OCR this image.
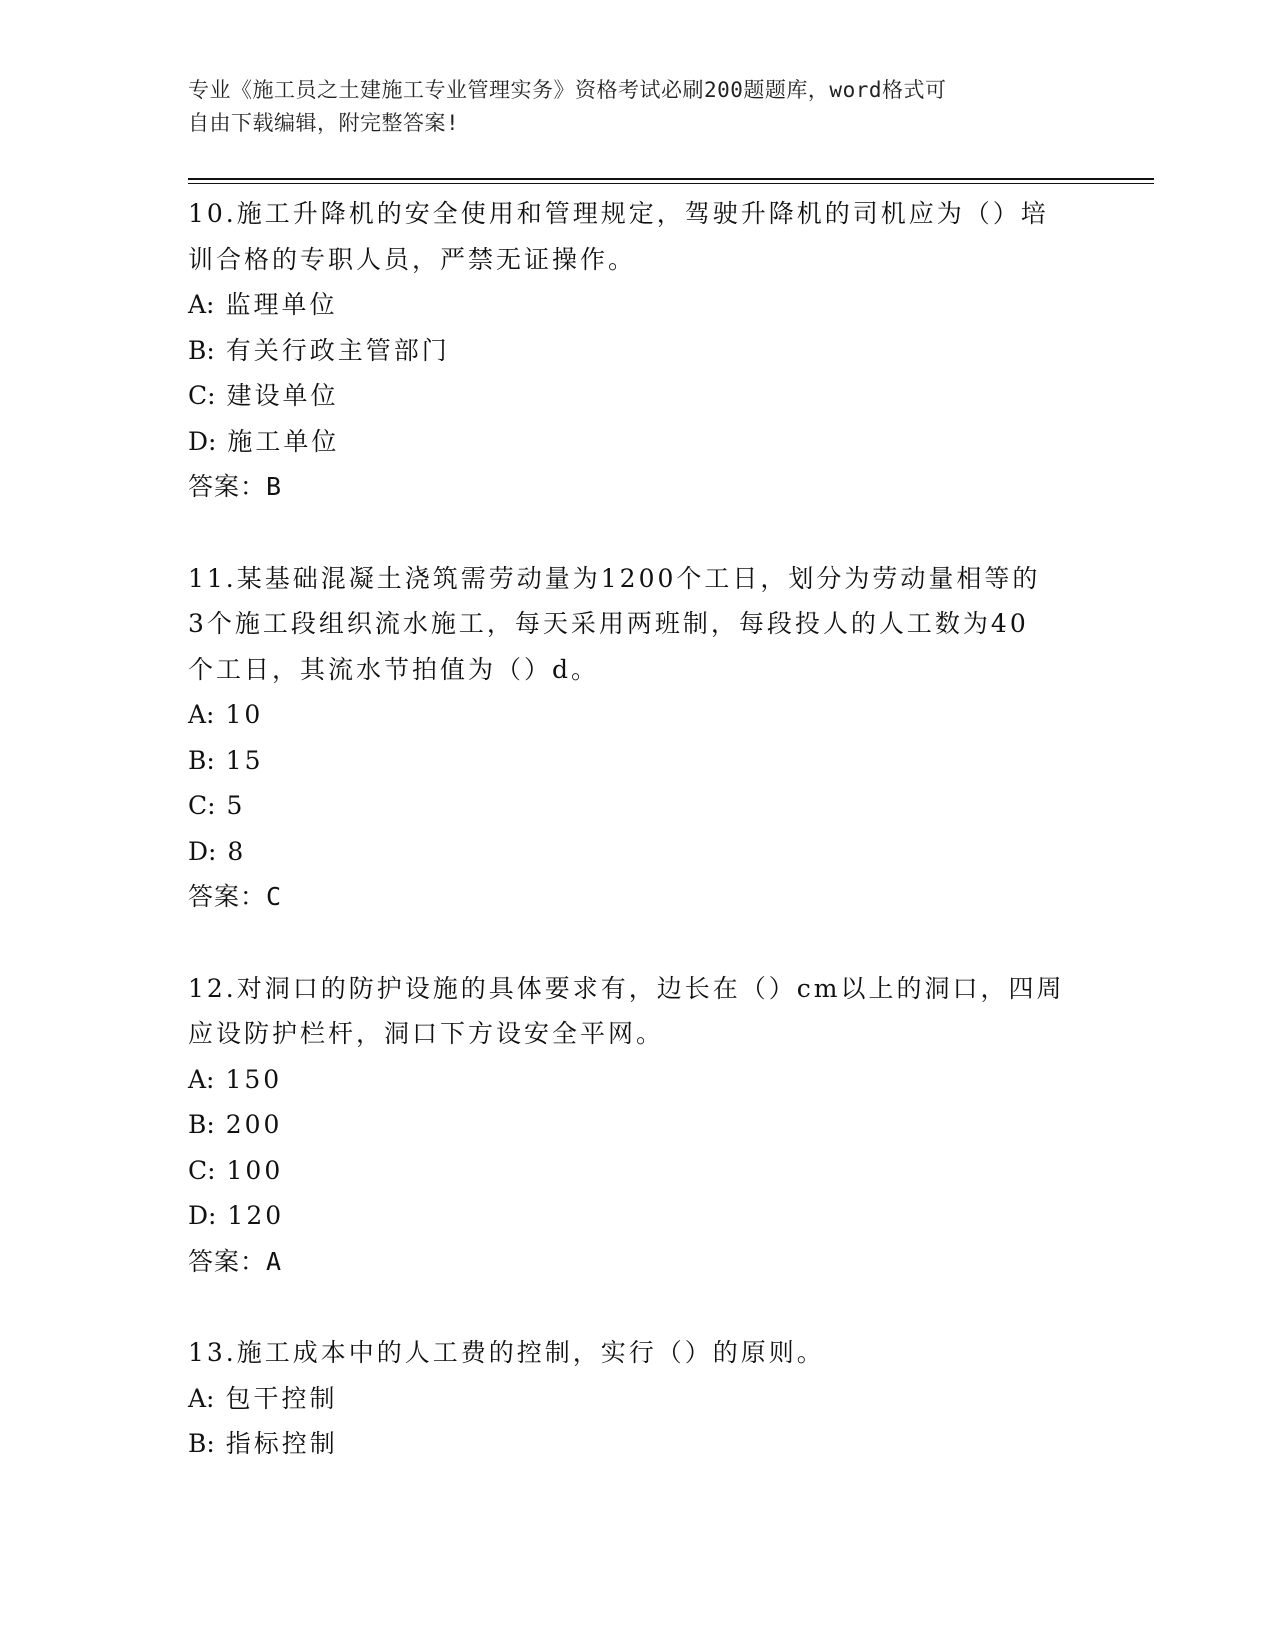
专业《施工员之土建施工专业管理实务》资格考试必刷200题题库，word格式可
自由下载编辑，附完整答案!

10.施工升降机的安全使用和管理规定，驾驶升降机的司机应为（）培

训合格的专职人员，严禁无证操作。

A: 监理单位

B: 有关行政主管部门

C: 建设单位

D: 施工单位

答案：B

11.某基础混凝土浇筑需劳动量为1200个工日，划分为劳动量相等的

3个施工段组织流水施工，每天采用两班制，每段投人的人工数为40

个工日，其流水节拍值为（）d。

A: 10

B: 15

C: 5

D: 8

答案：C

12.对洞口的防护设施的具体要求有，边长在（）cm以上的洞口，四周

应设防护栏杆，洞口下方设安全平网。

A: 150

B: 200

C: 100

D: 120

答案：A

13.施工成本中的人工费的控制，实行（）的原则。

A: 包干控制

B: 指标控制
